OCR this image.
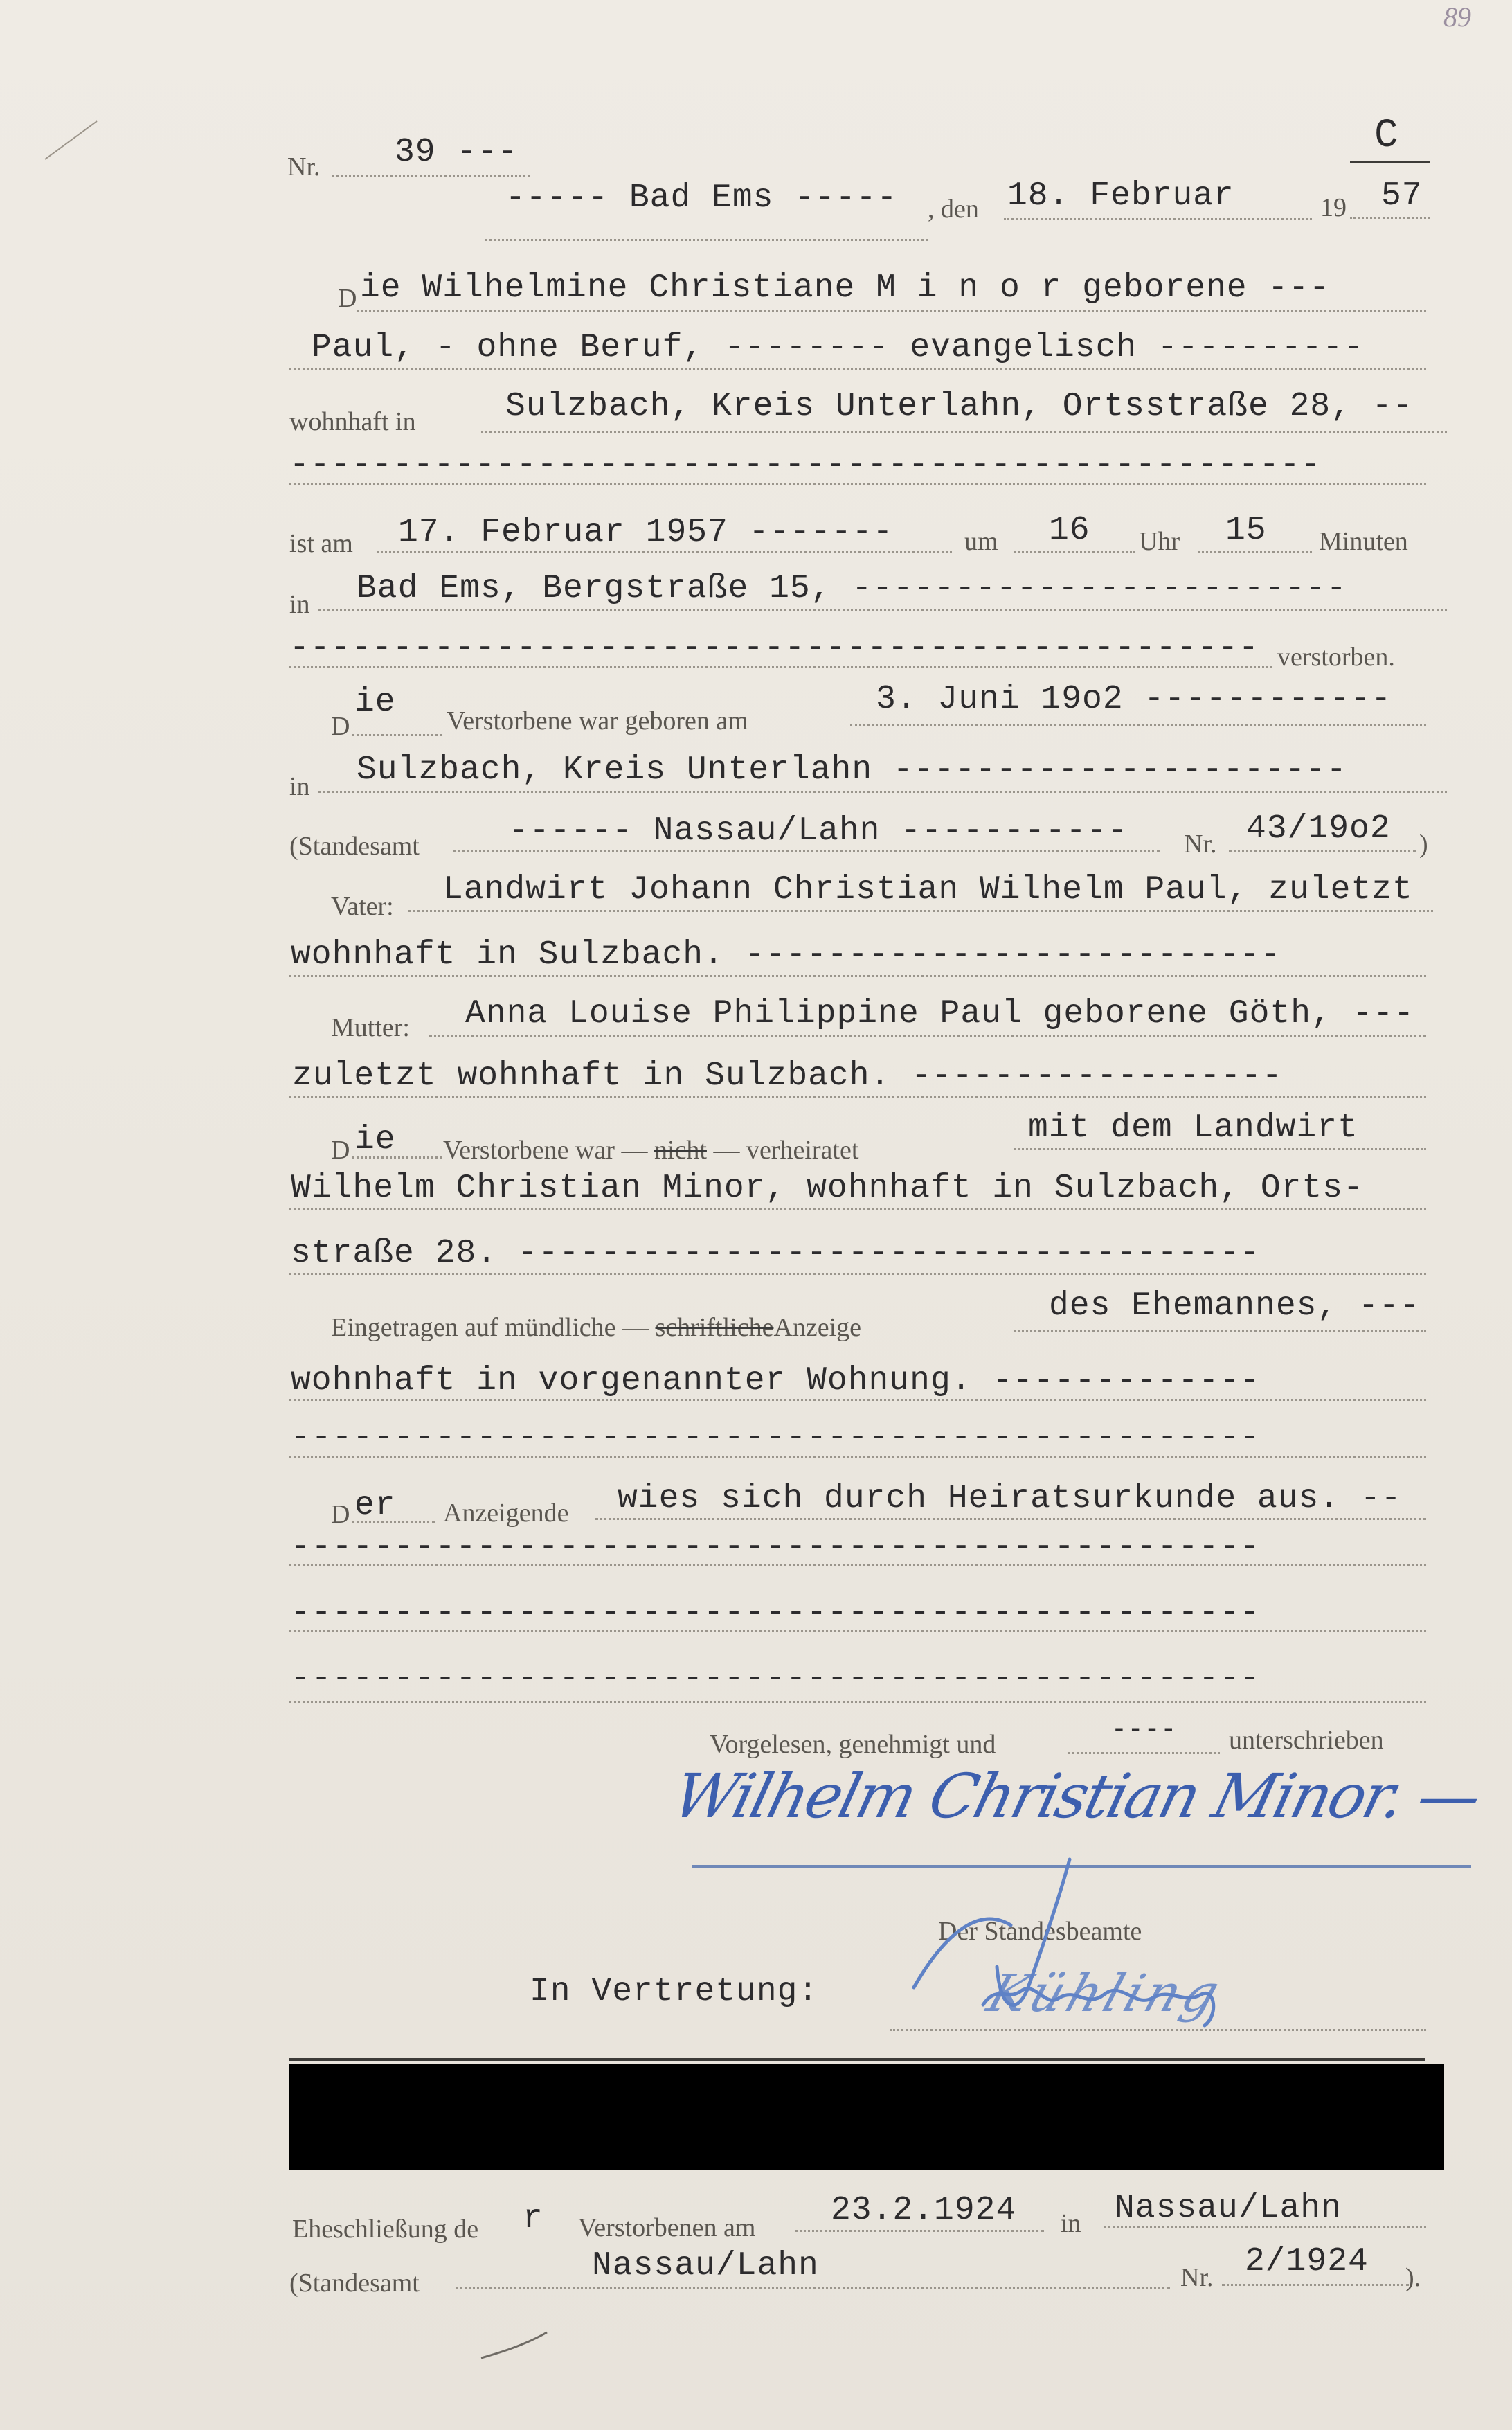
89
Nr. 39 ---	C
----- Bad Ems ----- , den 18. Februar	19 57
D ie Wilhelmine Christiane M i n o r geborene ---
Paul, - ohne Beruf, -------- evangelisch ----------
wohnhaft in	Sulzbach, Kreis Unterlahn, Ortsstraße 28, --
--------------------------------------------------
ist am 17. Februar 1957 -------	um 16 Uhr 15 Minuten
in Bad Ems, Bergstraße 15, ------------------------
----------------------------------------------- verstorben.
D
ie Verstorbene war geboren am
3. Juni 19o2 ------------
in Sulzbach, Kreis Unterlahn ----------------------
(Standesamt	------ Nassau/Lahn ----------- Nr. 43/19o2 )
Vater: Landwirt Johann Christian Wilhelm Paul, zuletzt
wohnhaft in Sulzbach. --------------------------
Mutter: Anna Louise Philippine Paul geborene Göth, ---
zuletzt wohnhaft in Sulzbach. ------------------
D ie Verstorbene war — nicht — verheiratet
mit dem Landwirt
Wilhelm Christian Minor, wohnhaft in Sulzbach, Orts-
straße 28. ------------------------------------
Eingetragen auf mündliche — schriftlicheAnzeige
des Ehemannes, ---
wohnhaft in vorgenannter Wohnung. -------------
-----------------------------------------------
D er Anzeigende wies sich durch Heiratsurkunde aus. --
-----------------------------------------------
-----------------------------------------------
-----------------------------------------------
Vorgelesen, genehmigt und	---- unterschrieben
Wilhelm Christian Minor. —
Der Standesbeamte
In Vertretung:	Kühling
Eheschließung de r Verstorbenen am 23.2.1924 in Nassau/Lahn
(Standesamt	Nassau/Lahn	Nr. 2/1924 ).
